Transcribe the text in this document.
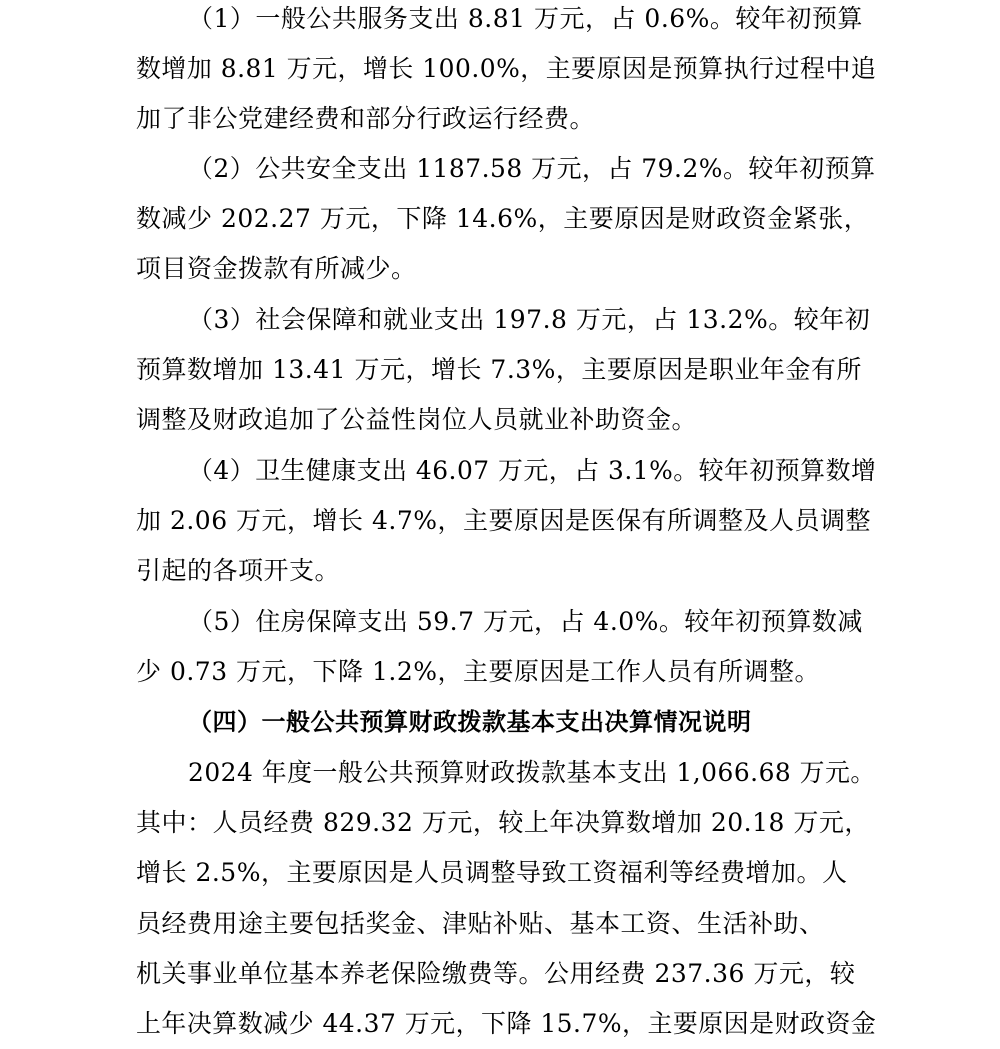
（1）一般公共服务支出 8.81 万元，占 0.6%。较年初预算
数增加 8.81 万元，增长 100.0%，主要原因是预算执行过程中追
加了非公党建经费和部分行政运行经费。
（2）公共安全支出 1187.58 万元，占 79.2%。较年初预算
数减少 202.27 万元，下降 14.6%，主要原因是财政资金紧张，
项目资金拨款有所减少。
（3）社会保障和就业支出 197.8 万元，占 13.2%。较年初
预算数增加 13.41 万元，增长 7.3%，主要原因是职业年金有所
调整及财政追加了公益性岗位人员就业补助资金。
（4）卫生健康支出 46.07 万元，占 3.1%。较年初预算数增
加 2.06 万元，增长 4.7%，主要原因是医保有所调整及人员调整
引起的各项开支。
（5）住房保障支出 59.7 万元，占 4.0%。较年初预算数减
少 0.73 万元，下降 1.2%，主要原因是工作人员有所调整。
（四）一般公共预算财政拨款基本支出决算情况说明
2024 年度一般公共预算财政拨款基本支出 1,066.68 万元。
其中：人员经费 829.32 万元，较上年决算数增加 20.18 万元，
增长 2.5%，主要原因是人员调整导致工资福利等经费增加。人
员经费用途主要包括奖金、津贴补贴、基本工资、生活补助、
机关事业单位基本养老保险缴费等。公用经费 237.36 万元，较
上年决算数减少 44.37 万元，下降 15.7%，主要原因是财政资金
